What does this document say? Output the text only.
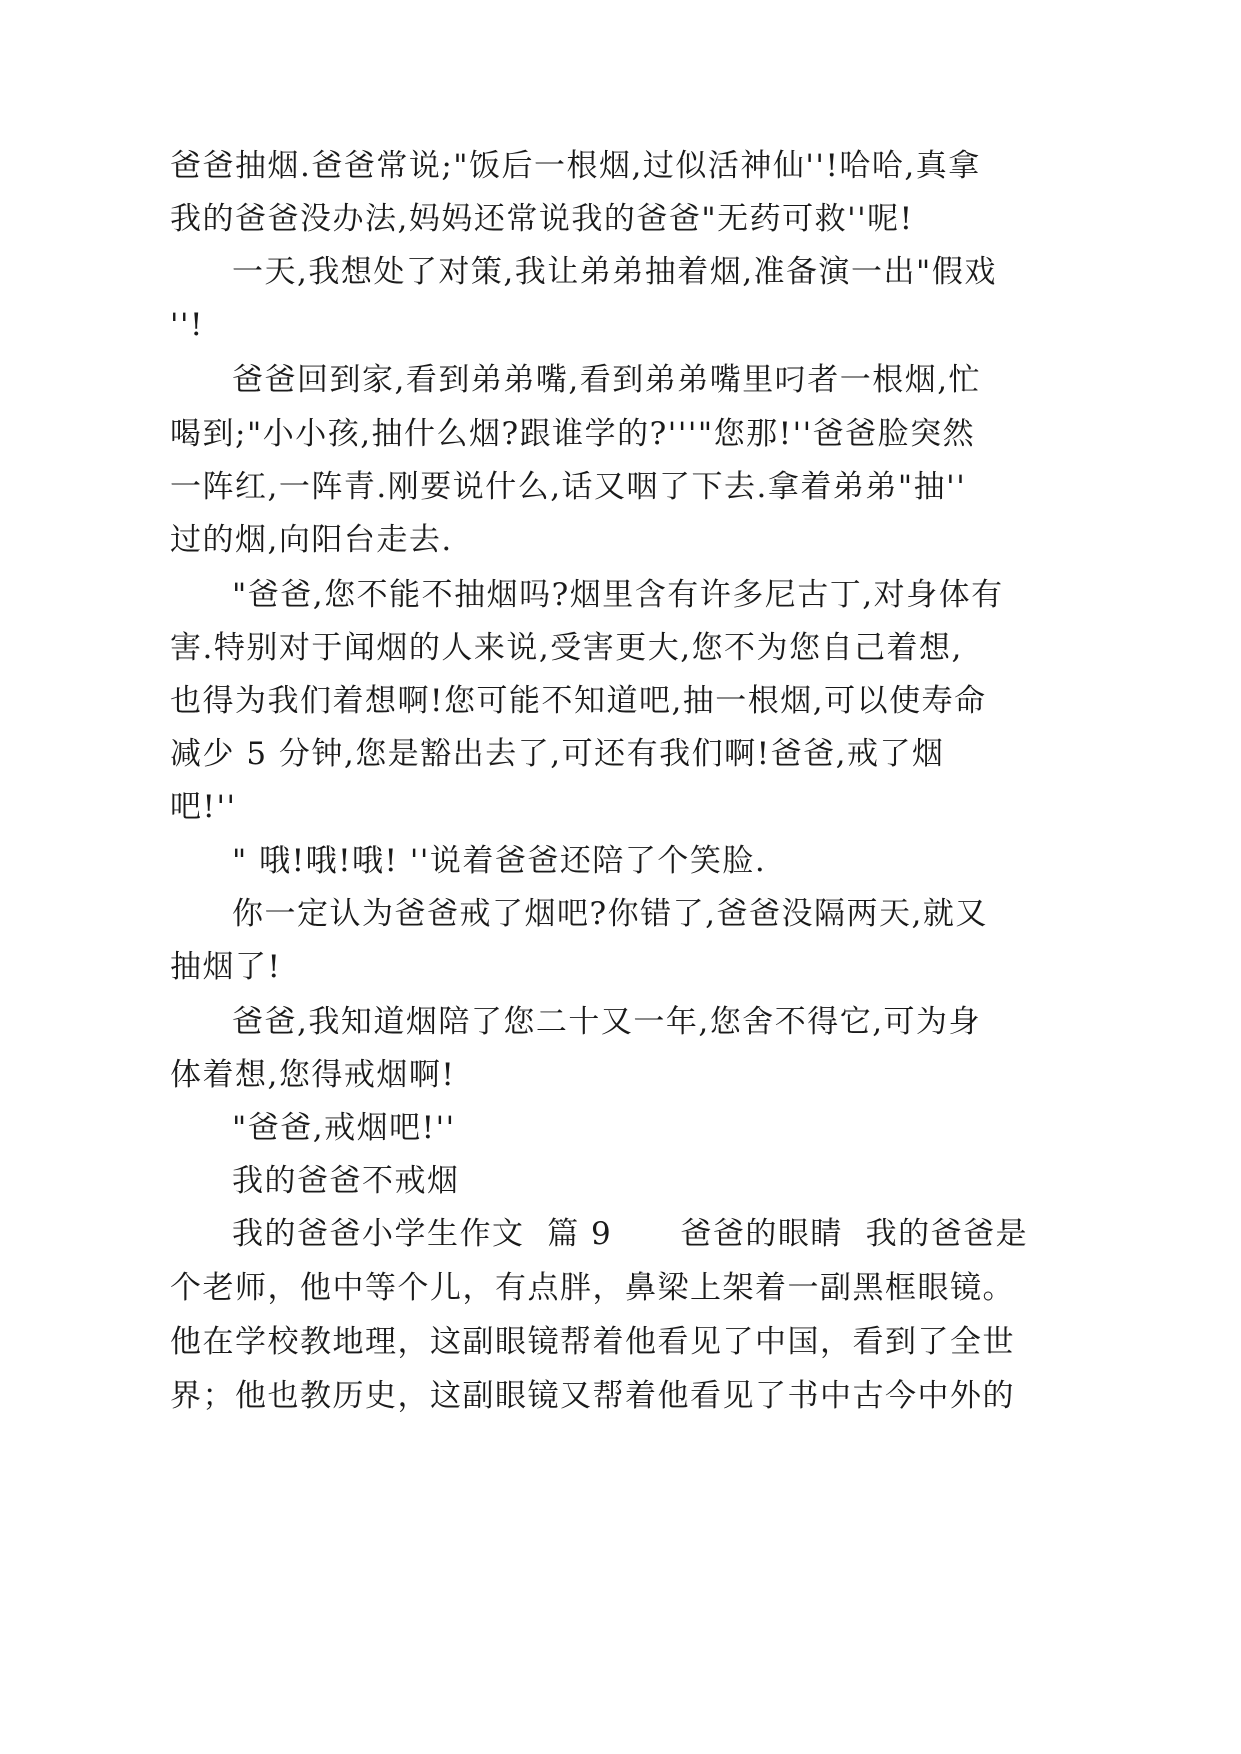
爸爸抽烟.爸爸常说;"饭后一根烟,过似活神仙''!哈哈,真拿
我的爸爸没办法,妈妈还常说我的爸爸"无药可救''呢!
一天,我想处了对策,我让弟弟抽着烟,准备演一出"假戏
''!
爸爸回到家,看到弟弟嘴,看到弟弟嘴里叼者一根烟,忙
喝到;"小小孩,抽什么烟?跟谁学的?'''"您那!''爸爸脸突然
一阵红,一阵青.刚要说什么,话又咽了下去.拿着弟弟"抽''
过的烟,向阳台走去.
"爸爸,您不能不抽烟吗?烟里含有许多尼古丁,对身体有
害.特别对于闻烟的人来说,受害更大,您不为您自己着想,
也得为我们着想啊!您可能不知道吧,抽一根烟,可以使寿命
减少 5 分钟,您是豁出去了,可还有我们啊!爸爸,戒了烟
吧!''
" 哦!哦!哦! ''说着爸爸还陪了个笑脸.
你一定认为爸爸戒了烟吧?你错了,爸爸没隔两天,就又
抽烟了!
爸爸,我知道烟陪了您二十又一年,您舍不得它,可为身
体着想,您得戒烟啊!
"爸爸,戒烟吧!''
我的爸爸不戒烟
我的爸爸小学生作文  篇 9      爸爸的眼睛  我的爸爸是
个老师，他中等个儿，有点胖，鼻梁上架着一副黑框眼镜。
他在学校教地理，这副眼镜帮着他看见了中国，看到了全世
界；他也教历史，这副眼镜又帮着他看见了书中古今中外的
